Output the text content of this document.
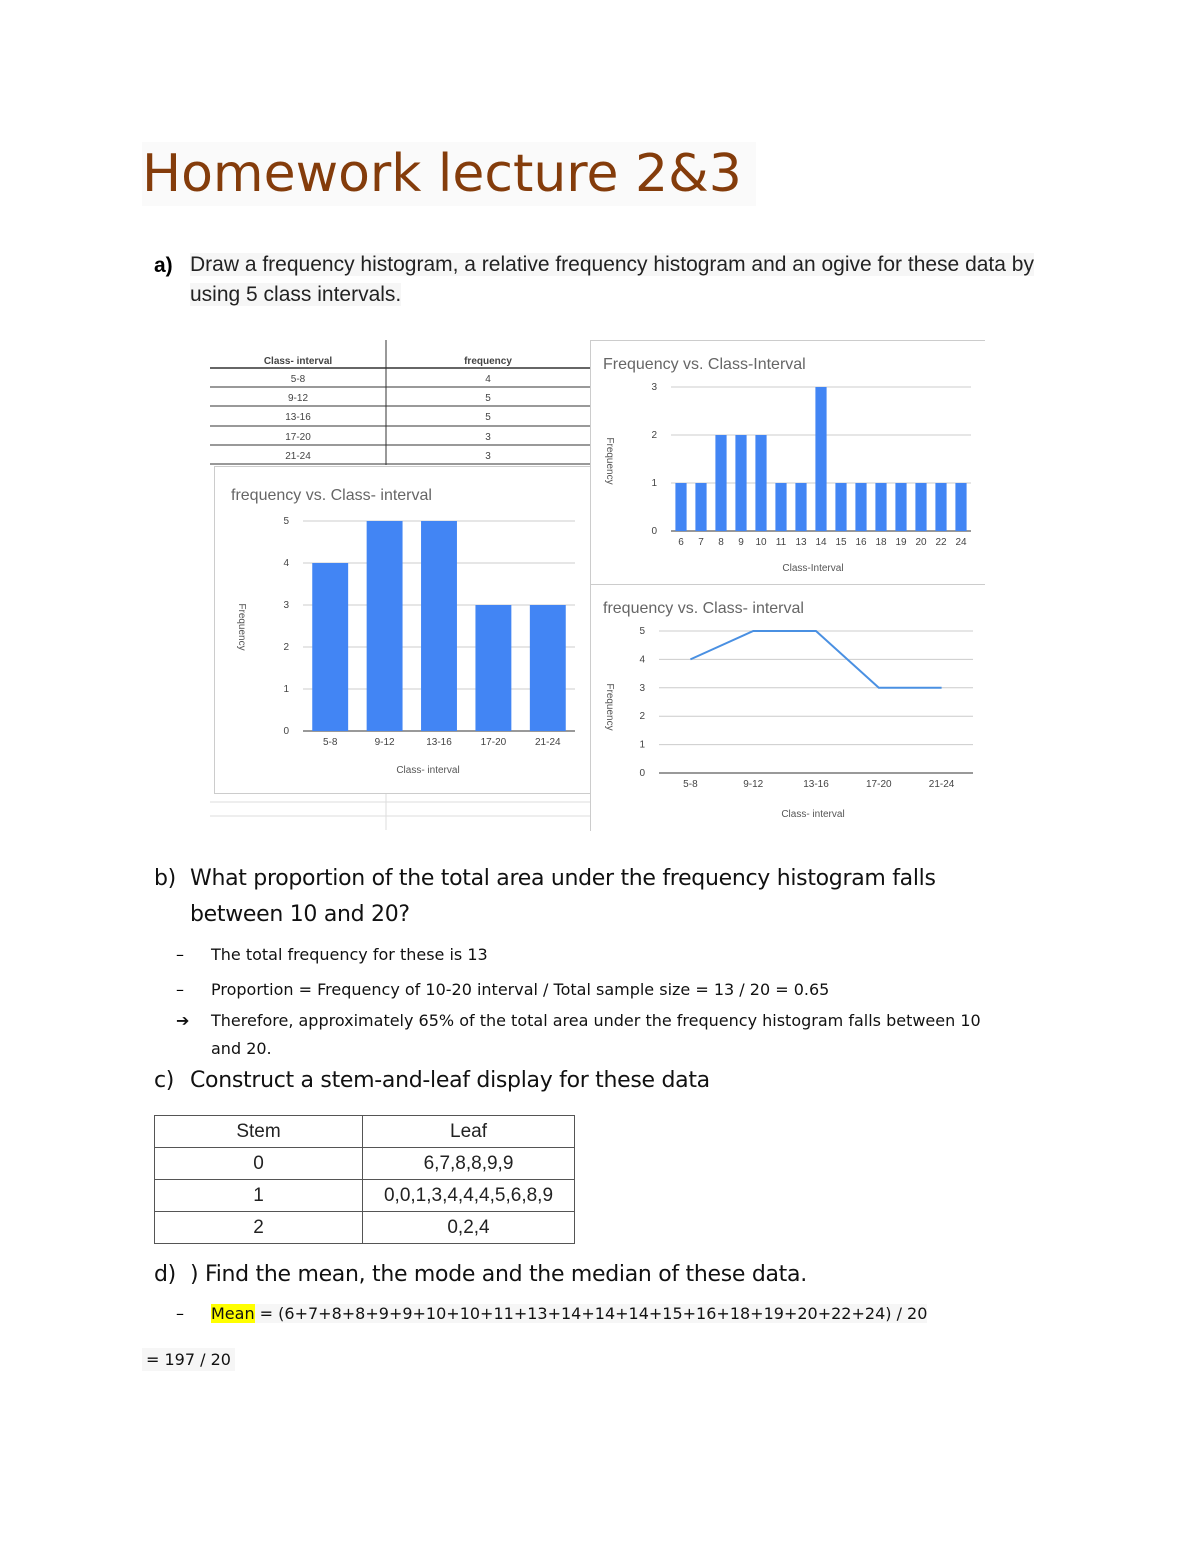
Homework lecture 2&3
a) Draw a frequency histogram, a relative frequency histogram and an ogive for these data by using 5 class intervals.
Class- interval	frequency
5-8	4
9-12	5
13-16	5
17-20	3
21-24	3
frequency vs. Class- interval
Frequency
Class- interval
0
1
2
3
4
5
5-8	9-12	13-16	17-20	21-24
Frequency vs. Class-Interval
Frequency
Class-Interval
0
1
2
3
6 7 8 9 10 11 13 14 15 16 18 19 20 22 24
frequency vs. Class- interval
Frequency
Class- interval
0
1
2
3
4
5
5-8	9-12	13-16	17-20	21-24
b) What proportion of the total area under the frequency histogram falls
between 10 and 20?
– The total frequency for these is 13
– Proportion = Frequency of 10-20 interval / Total sample size = 13 / 20 = 0.65
➔ Therefore, approximately 65% of the total area under the frequency histogram falls between 10
and 20.
c) Construct a stem-and-leaf display for these data
Stem	Leaf
0	6,7,8,8,9,9
1	0,0,1,3,4,4,4,5,6,8,9
2	0,2,4
d) ) Find the mean, the mode and the median of these data.
– Mean = (6+7+8+8+9+9+10+10+11+13+14+14+14+15+16+18+19+20+22+24) / 20
= 197 / 20
